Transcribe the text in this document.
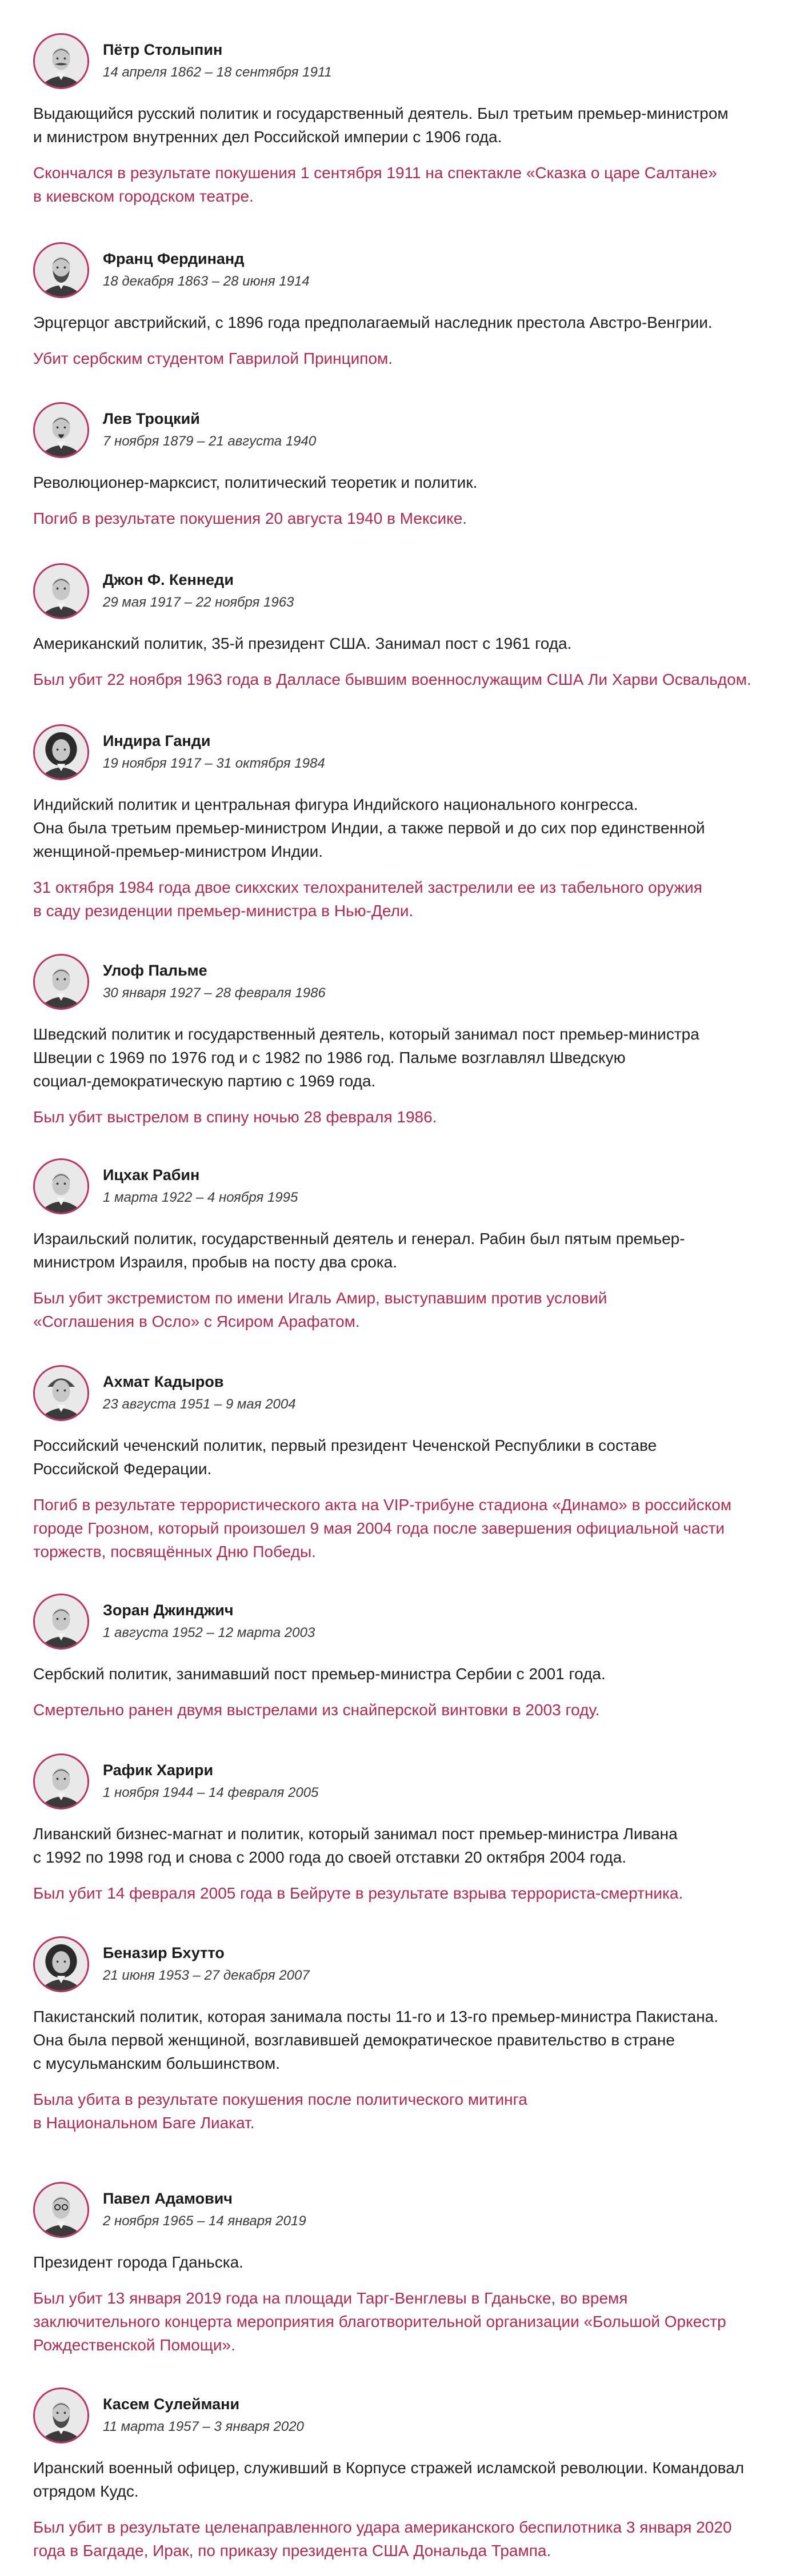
Пётр Столыпин
14 апреля 1862 – 18 сентября 1911
Выдающийся русский политик и государственный деятель. Был третьим премьер-министром
и министром внутренних дел Российской империи с 1906 года.
Скончался в результате покушения 1 сентября 1911 на спектакле «Сказка о царе Салтане»
в киевском городском театре.
Франц Фердинанд
18 декабря 1863 – 28 июня 1914
Эрцгерцог австрийский, с 1896 года предполагаемый наследник престола Австро-Венгрии.
Убит сербским студентом Гаврилой Принципом.
Лев Троцкий
7 ноября 1879 – 21 августа 1940
Революционер-марксист, политический теоретик и политик.
Погиб в результате покушения 20 августа 1940 в Мексике.
Джон Ф. Кеннеди
29 мая 1917 – 22 ноября 1963
Американский политик, 35-й президент США. Занимал пост с 1961 года.
Был убит 22 ноября 1963 года в Далласе бывшим военнослужащим США Ли Харви Освальдом.
Индира Ганди
19 ноября 1917 – 31 октября 1984
Индийский политик и центральная фигура Индийского национального конгресса.
Она была третьим премьер-министром Индии, а также первой и до сих пор единственной
женщиной-премьер-министром Индии.
31 октября 1984 года двое сикхских телохранителей застрелили ее из табельного оружия
в саду резиденции премьер-министра в Нью-Дели.
Улоф Пальме
30 января 1927 – 28 февраля 1986
Шведский политик и государственный деятель, который занимал пост премьер-министра
Швеции с 1969 по 1976 год и с 1982 по 1986 год. Пальме возглавлял Шведскую
социал-демократическую партию с 1969 года.
Был убит выстрелом в спину ночью 28 февраля 1986.
Ицхак Рабин
1 марта 1922 – 4 ноября 1995
Израильский политик, государственный деятель и генерал. Рабин был пятым премьер-
министром Израиля, пробыв на посту два срока.
Был убит экстремистом по имени Игаль Амир, выступавшим против условий
«Соглашения в Осло» с Ясиром Арафатом.
Ахмат Кадыров
23 августа 1951 – 9 мая 2004
Российский чеченский политик, первый президент Чеченской Республики в составе
Российской Федерации.
Погиб в результате террористического акта на VIP-трибуне стадиона «Динамо» в российском
городе Грозном, который произошел 9 мая 2004 года после завершения официальной части
торжеств, посвящённых Дню Победы.
Зоран Джинджич
1 августа 1952 – 12 марта 2003
Сербский политик, занимавший пост премьер-министра Сербии с 2001 года.
Смертельно ранен двумя выстрелами из снайперской винтовки в 2003 году.
Рафик Харири
1 ноября 1944 – 14 февраля 2005
Ливанский бизнес-магнат и политик, который занимал пост премьер-министра Ливана
с 1992 по 1998 год и снова с 2000 года до своей отставки 20 октября 2004 года.
Был убит 14 февраля 2005 года в Бейруте в результате взрыва террориста-смертника.
Беназир Бхутто
21 июня 1953 – 27 декабря 2007
Пакистанский политик, которая занимала посты 11-го и 13-го премьер-министра Пакистана.
Она была первой женщиной, возглавившей демократическое правительство в стране
с мусульманским большинством.
Была убита в результате покушения после политического митинга
в Национальном Баге Лиакат.
Павел Адамович
2 ноября 1965 – 14 января 2019
Президент города Гданьска.
Был убит 13 января 2019 года на площади Тарг-Венглевы в Гданьске, во время
заключительного концерта мероприятия благотворительной организации «Большой Оркестр
Рождественской Помощи».
Касем Сулеймани
11 марта 1957 – 3 января 2020
Иранский военный офицер, служивший в Корпусе стражей исламской революции. Командовал
отрядом Кудс.
Был убит в результате целенаправленного удара американского беспилотника 3 января 2020
года в Багдаде, Ирак, по приказу президента США Дональда Трампа.
